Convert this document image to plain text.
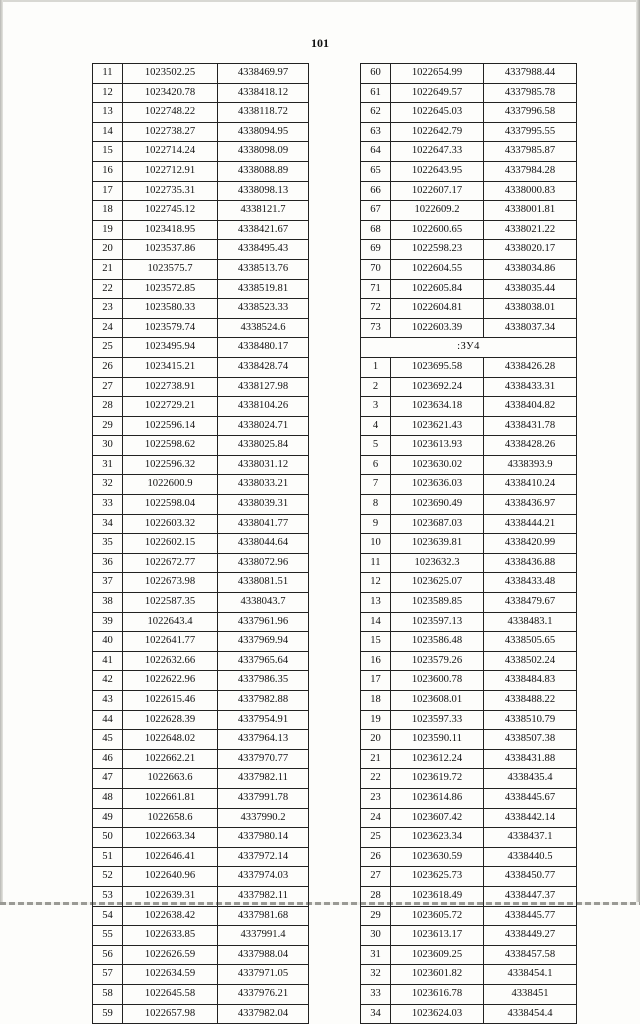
101
11	1023502.25	4338469.97
12	1023420.78	4338418.12
13	1022748.22	4338118.72
14	1022738.27	4338094.95
15	1022714.24	4338098.09
16	1022712.91	4338088.89
17	1022735.31	4338098.13
18	1022745.12	4338121.7
19	1023418.95	4338421.67
20	1023537.86	4338495.43
21	1023575.7	4338513.76
22	1023572.85	4338519.81
23	1023580.33	4338523.33
24	1023579.74	4338524.6
25	1023495.94	4338480.17
26	1023415.21	4338428.74
27	1022738.91	4338127.98
28	1022729.21	4338104.26
29	1022596.14	4338024.71
30	1022598.62	4338025.84
31	1022596.32	4338031.12
32	1022600.9	4338033.21
33	1022598.04	4338039.31
34	1022603.32	4338041.77
35	1022602.15	4338044.64
36	1022672.77	4338072.96
37	1022673.98	4338081.51
38	1022587.35	4338043.7
39	1022643.4	4337961.96
40	1022641.77	4337969.94
41	1022632.66	4337965.64
42	1022622.96	4337986.35
43	1022615.46	4337982.88
44	1022628.39	4337954.91
45	1022648.02	4337964.13
46	1022662.21	4337970.77
47	1022663.6	4337982.11
48	1022661.81	4337991.78
49	1022658.6	4337990.2
50	1022663.34	4337980.14
51	1022646.41	4337972.14
52	1022640.96	4337974.03
53	1022639.31	4337982.11
54	1022638.42	4337981.68
55	1022633.85	4337991.4
56	1022626.59	4337988.04
57	1022634.59	4337971.05
58	1022645.58	4337976.21
59	1022657.98	4337982.04
60	1022654.99	4337988.44
61	1022649.57	4337985.78
62	1022645.03	4337996.58
63	1022642.79	4337995.55
64	1022647.33	4337985.87
65	1022643.95	4337984.28
66	1022607.17	4338000.83
67	1022609.2	4338001.81
68	1022600.65	4338021.22
69	1022598.23	4338020.17
70	1022604.55	4338034.86
71	1022605.84	4338035.44
72	1022604.81	4338038.01
73	1022603.39	4338037.34
:ЗУ4		
1	1023695.58	4338426.28
2	1023692.24	4338433.31
3	1023634.18	4338404.82
4	1023621.43	4338431.78
5	1023613.93	4338428.26
6	1023630.02	4338393.9
7	1023636.03	4338410.24
8	1023690.49	4338436.97
9	1023687.03	4338444.21
10	1023639.81	4338420.99
11	1023632.3	4338436.88
12	1023625.07	4338433.48
13	1023589.85	4338479.67
14	1023597.13	4338483.1
15	1023586.48	4338505.65
16	1023579.26	4338502.24
17	1023600.78	4338484.83
18	1023608.01	4338488.22
19	1023597.33	4338510.79
20	1023590.11	4338507.38
21	1023612.24	4338431.88
22	1023619.72	4338435.4
23	1023614.86	4338445.67
24	1023607.42	4338442.14
25	1023623.34	4338437.1
26	1023630.59	4338440.5
27	1023625.73	4338450.77
28	1023618.49	4338447.37
29	1023605.72	4338445.77
30	1023613.17	4338449.27
31	1023609.25	4338457.58
32	1023601.82	4338454.1
33	1023616.78	4338451
34	1023624.03	4338454.4
